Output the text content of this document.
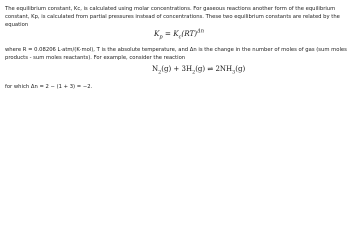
The equilibrium constant, Kc, is calculated using molar concentrations. For gaseous reactions another form of the equilibrium constant, Kp, is calculated from partial pressures instead of concentrations. These two equilibrium constants are related by the equation
$K_p = K_c(RT)^{\Delta n}$
where R = 0.08206 L·atm/(K·mol), T is the absolute temperature, and Δn is the change in the number of moles of gas (sum moles products - sum moles reactants). For example, consider the reaction
$N_2(g) + 3H_2(g)$ ⇌ $2NH_3(g)$
for which Δn = 2 − (1 + 3) = −2.
